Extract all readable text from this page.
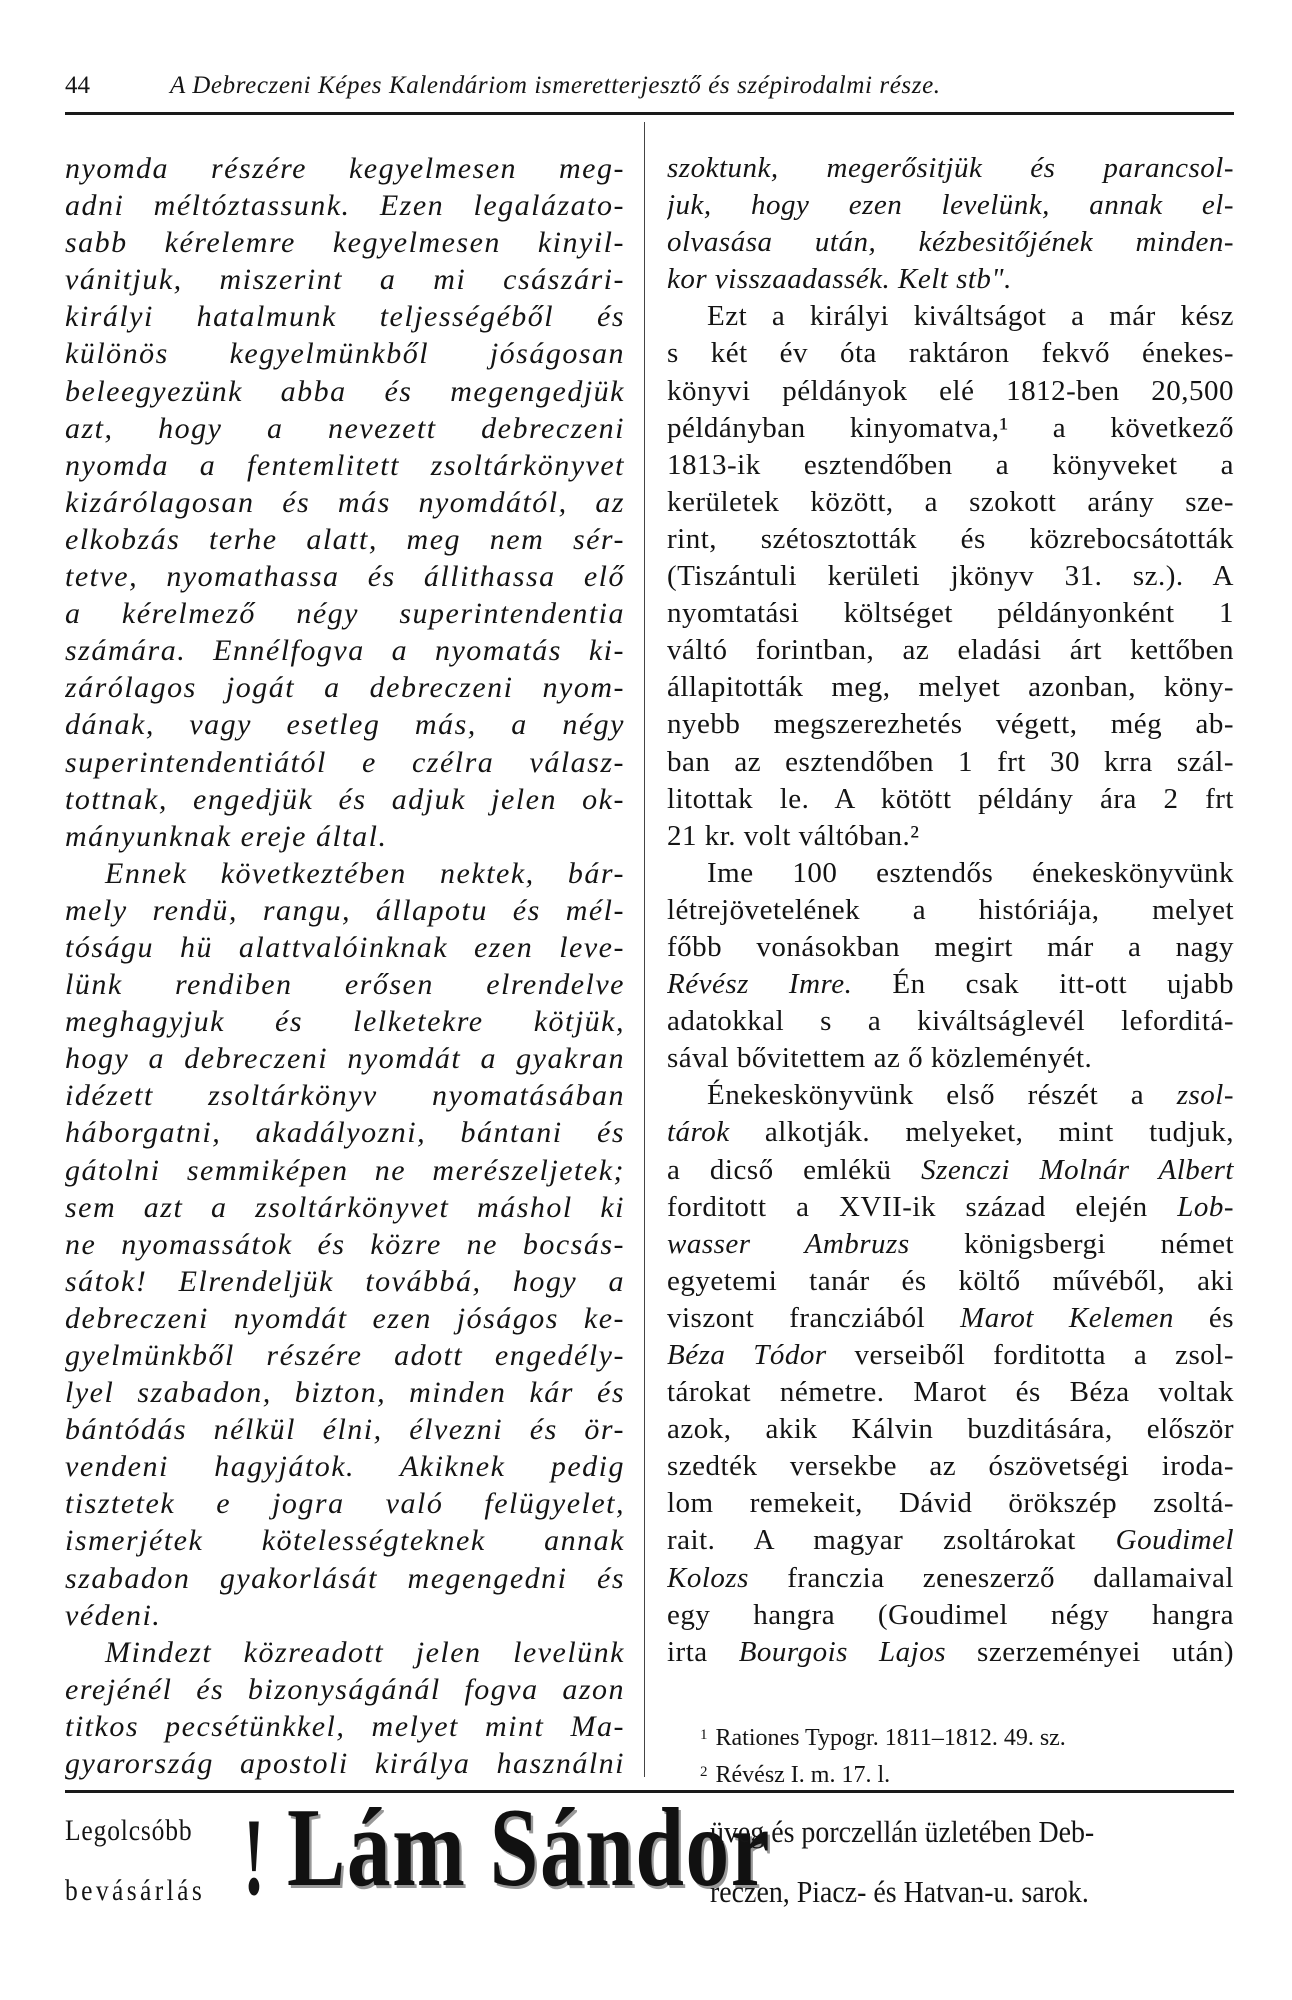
44	A Debreczeni Képes Kalendáriom ismeretterjesztő és szépirodalmi része.
nyomda részére kegyelmesen meg-
adni méltóztassunk. Ezen legalázato-
sabb kérelemre kegyelmesen kinyil-
vánitjuk, miszerint a mi császári-
királyi hatalmunk teljességéből és
különös kegyelmünkből jóságosan
beleegyezünk abba és megengedjük
azt, hogy a nevezett debreczeni
nyomda a fentemlitett zsoltárkönyvet
kizárólagosan és más nyomdától, az
elkobzás terhe alatt, meg nem sér-
tetve, nyomathassa és állithassa elő
a kérelmező négy superintendentia
számára. Ennélfogva a nyomatás ki-
zárólagos jogát a debreczeni nyom-
dának, vagy esetleg más, a négy
superintendentiától e czélra válasz-
tottnak, engedjük és adjuk jelen ok-
mányunknak ereje által.
Ennek következtében nektek, bár-
mely rendü, rangu, állapotu és mél-
tóságu hü alattvalóinknak ezen leve-
lünk rendiben erősen elrendelve
meghagyjuk és lelketekre kötjük,
hogy a debreczeni nyomdát a gyakran
idézett zsoltárkönyv nyomatásában
háborgatni, akadályozni, bántani és
gátolni semmiképen ne merészeljetek;
sem azt a zsoltárkönyvet máshol ki
ne nyomassátok és közre ne bocsás-
sátok! Elrendeljük továbbá, hogy a
debreczeni nyomdát ezen jóságos ke-
gyelmünkből részére adott engedély-
lyel szabadon, bizton, minden kár és
bántódás nélkül élni, élvezni és ör-
vendeni hagyjátok. Akiknek pedig
tisztetek e jogra való felügyelet,
ismerjétek kötelességteknek annak
szabadon gyakorlását megengedni és
védeni.
Mindezt közreadott jelen levelünk
erejénél és bizonyságánál fogva azon
titkos pecsétünkkel, melyet mint Ma-
gyarország apostoli királya használni
szoktunk, megerősitjük és parancsol-
juk, hogy ezen levelünk, annak el-
olvasása után, kézbesitőjének minden-
kor visszaadassék. Kelt stb".
Ezt a királyi kiváltságot a már kész
s két év óta raktáron fekvő énekes-
könyvi példányok elé 1812-ben 20,500
példányban kinyomatva,¹ a következő
1813-ik esztendőben a könyveket a
kerületek között, a szokott arány sze-
rint, szétosztották és közrebocsátották
(Tiszántuli kerületi jkönyv 31. sz.). A
nyomtatási költséget példányonként 1
váltó forintban, az eladási árt kettőben
állapitották meg, melyet azonban, köny-
nyebb megszerezhetés végett, még ab-
ban az esztendőben 1 frt 30 krra szál-
litottak le. A kötött példány ára 2 frt
21 kr. volt váltóban.²
Ime 100 esztendős énekeskönyvünk
létrejövetelének a históriája, melyet
főbb vonásokban megirt már a nagy
Révész Imre. Én csak itt-ott ujabb
adatokkal s a kiváltságlevél leforditá-
sával bővitettem az ő közleményét.
Énekeskönyvünk első részét a zsol-
tárok alkotják. melyeket, mint tudjuk,
a dicső emlékü Szenczi Molnár Albert
forditott a XVII-ik század elején Lob-
wasser Ambruzs königsbergi német
egyetemi tanár és költő művéből, aki
viszont francziából Marot Kelemen és
Béza Tódor verseiből forditotta a zsol-
tárokat németre. Marot és Béza voltak
azok, akik Kálvin buzditására, először
szedték versekbe az ószövetségi iroda-
lom remekeit, Dávid örökszép zsoltá-
rait. A magyar zsoltárokat Goudimel
Kolozs franczia zeneszerző dallamaival
egy hangra (Goudimel négy hangra
irta Bourgois Lajos szerzeményei után)
$^1$ Rationes Typogr. 1811–1812. 49. sz.
$^2$ Révész I. m. 17. l.
Legolcsóbb
bevásárlás ! Lám Sándor
üveg és porczellán üzletében Deb-
reczen, Piacz- és Hatvan-u. sarok.
